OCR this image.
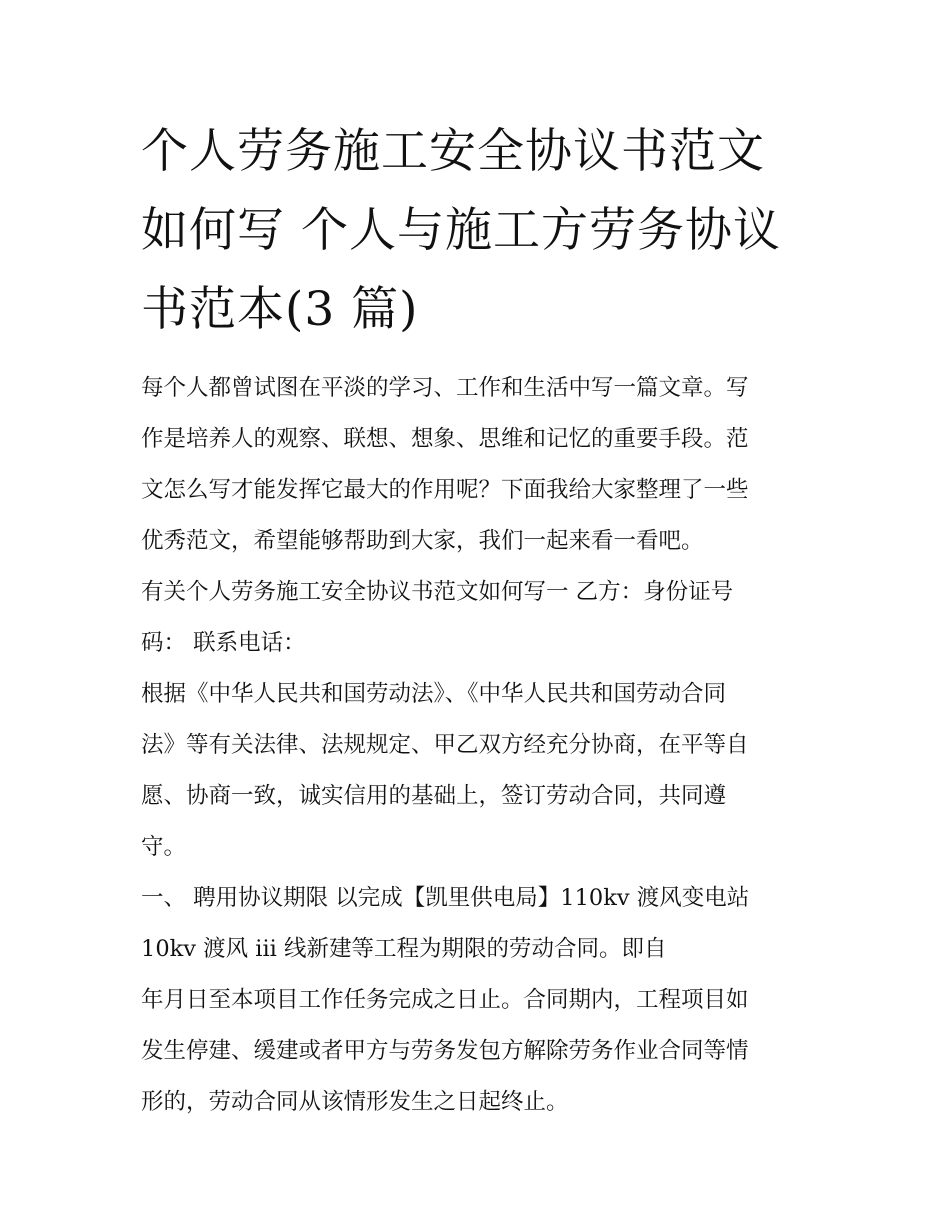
个人劳务施工安全协议书范文
如何写 个人与施工方劳务协议
书范本(3 篇)

每个人都曾试图在平淡的学习、工作和生活中写一篇文章。写
作是培养人的观察、联想、想象、思维和记忆的重要手段。范
文怎么写才能发挥它最大的作用呢？下面我给大家整理了一些
优秀范文，希望能够帮助到大家，我们一起来看一看吧。

有关个人劳务施工安全协议书范文如何写一 乙方：身份证号
码： 联系电话：

根据《中华人民共和国劳动法》、《中华人民共和国劳动合同
法》等有关法律、法规规定、甲乙双方经充分协商，在平等自
愿、协商一致，诚实信用的基础上，签订劳动合同，共同遵
守。

一、 聘用协议期限 以完成【凯里供电局】110kv 渡风变电站
10kv 渡风 iii 线新建等工程为期限的劳动合同。即自

年月日至本项目工作任务完成之日止。合同期内，工程项目如
发生停建、缓建或者甲方与劳务发包方解除劳务作业合同等情
形的，劳动合同从该情形发生之日起终止。
